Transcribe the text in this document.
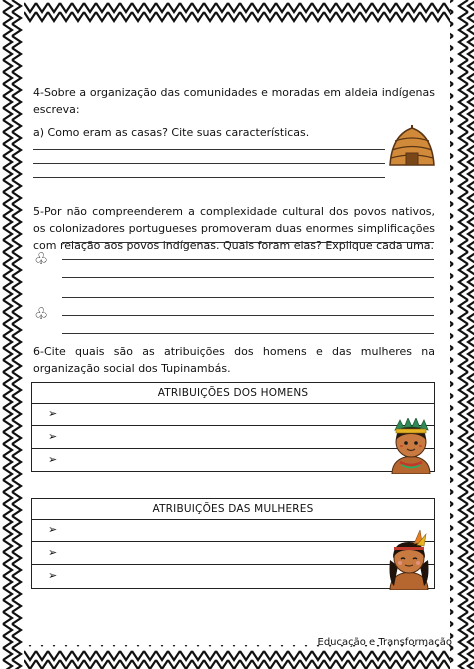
4-Sobre a organização das comunidades e moradas em aldeia indígenas escreva:

a) Como eram as casas? Cite suas características.

5-Por não compreenderem a complexidade cultural dos povos nativos, os colonizadores portugueses promoveram duas enormes simplificações com relação aos povos indígenas. Quais foram elas? Explique cada uma.

♧
♧

6-Cite quais são as atribuições dos homens e das mulheres na organização social dos Tupinambás.

ATRIBUIÇÕES DOS HOMENS
➢
➢
➢
ATRIBUIÇÕES DAS MULHERES
➢
➢
➢
Educação e Transformação
